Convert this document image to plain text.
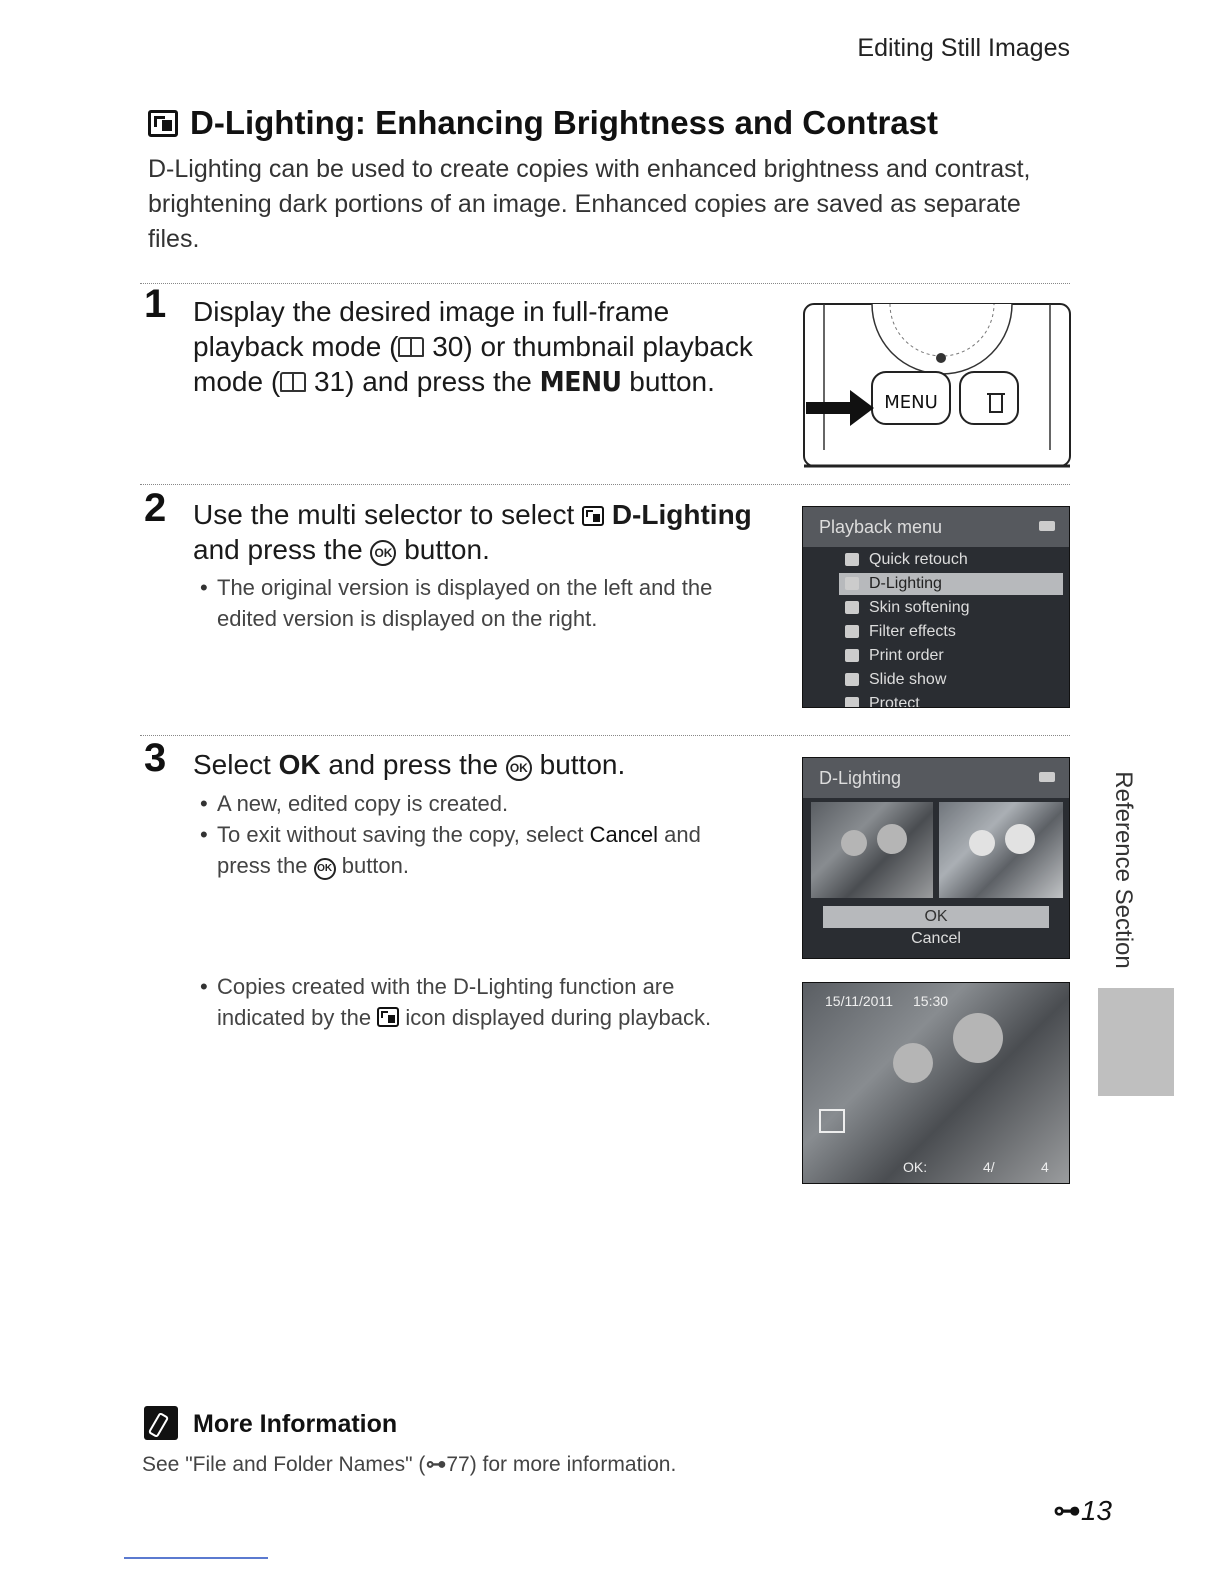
Editing Still Images
D-Lighting: Enhancing Brightness and Contrast
D-Lighting can be used to create copies with enhanced brightness and contrast, brightening dark portions of an image. Enhanced copies are saved as separate files.
1 Display the desired image in full-frame playback mode ( 30) or thumbnail playback mode ( 31) and press the MENU button.
MENU
2 Use the multi selector to select  D-Lighting
and press the OK button.
• The original version is displayed on the left and the edited version is displayed on the right.
Playback menu
Quick retouch
D-Lighting
Skin softening
Filter effects
Print order
Slide show
Protect
3 Select OK and press the OK button.
• A new, edited copy is created.
• To exit without saving the copy, select Cancel and press the OK button.
D-Lighting
OK
Cancel
• Copies created with the D-Lighting function are indicated by the  icon displayed during playback.
15/11/2011 15:30
OK:	4/	4
Reference Section
More Information
See "File and Folder Names" (⊶77) for more information.
⊶13
